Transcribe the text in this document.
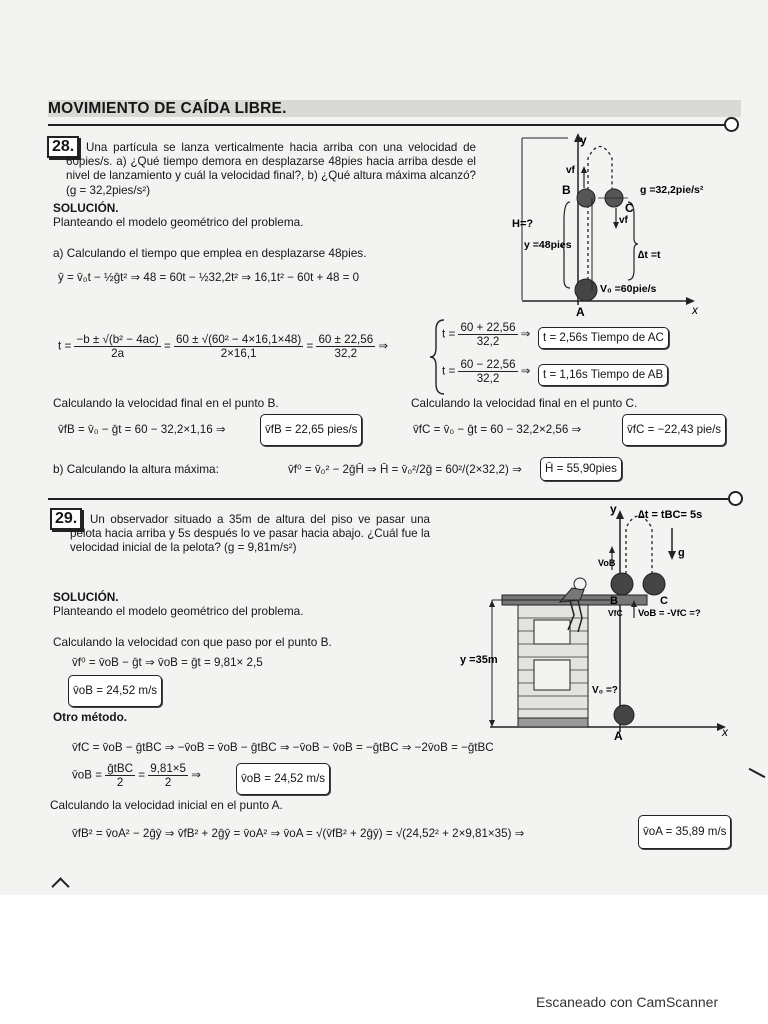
MOVIMIENTO DE CAÍDA LIBRE.
28.	Una partícula se lanza verticalmente hacia arriba con una velocidad de 60pies/s. a) ¿Qué tiempo demora en desplazarse 48pies hacia arriba desde el nivel de lanzamiento y cuál la velocidad final?, b) ¿Qué altura máxima alcanzó? (g = 32,2pies/s²)
SOLUCIÓN.
Planteando el modelo geométrico del problema.
a) Calculando el tiempo que emplea en desplazarse 48pies.
ȳ = v̄₀t − ½ḡt² ⇒ 48 = 60t − ½32,2t² ⇒ 16,1t² − 60t + 48 = 0
$t = \frac{\text{−b ± √(b² − 4ac)}}{2a} = \frac{\text{60 ± √(60² − 4×16,1×48)}}{2\times 16,1} = \frac{60 \pm 22,56}{32,2}$ ⇒
$t = \frac{60 + 22,56}{32,2}$ ⇒	t = 2,56s Tiempo de AC
$t = \frac{60 - 22,56}{32,2}$ ⇒	t = 1,16s Tiempo de AB
Calculando la velocidad final en el punto B.
v̄fB = v̄₀ − ḡt = 60 − 32,2×1,16 ⇒	v̄fB = 22,65 pies/s
Calculando la velocidad final en el punto C.
v̄fC = v̄₀ − ḡt = 60 − 32,2×2,56 ⇒	v̄fC = −22,43 pie/s
b) Calculando la altura máxima:	v̄f⁰ = v̄₀² − 2ḡH̄ ⇒ H̄ = v̄₀²/2ḡ = 60²/(2×32,2) ⇒	H̄ = 55,90pies
y
x
vf
B
C
g =32,2pie/s²
vf
H=?
y =48pies
∆t =t
V₀ =60pie/s
A
29.	Un observador situado a 35m de altura del piso ve pasar una pelota hacia arriba y 5s después lo ve pasar hacia abajo. ¿Cuál fue la velocidad inicial de la pelota? (g = 9,81m/s²)
SOLUCIÓN.
Planteando el modelo geométrico del problema.
Calculando la velocidad con que paso por el punto B.
v̄f⁰ = v̄oB − ḡt ⇒ v̄oB = ḡt = 9,81× 2,5
v̄oB = 24,52 m/s
Otro método.
v̄fC = v̄oB − ḡtBC ⇒ −v̄oB = v̄oB − ḡtBC ⇒ −v̄oB − v̄oB = −ḡtBC ⇒ −2v̄oB = −ḡtBC
v̄oB = $\frac{\text{ḡtBC}}{2} = \frac{9,81\times 5}{2}$ ⇒	v̄oB = 24,52 m/s
Calculando la velocidad inicial en el punto A.
v̄fB² = v̄oA² − 2ḡȳ ⇒ v̄fB² + 2ḡȳ = v̄oA² ⇒ v̄oA = √(v̄fB² + 2ḡȳ) = √(24,52² + 2×9,81×35) ⇒	v̄oA = 35,89 m/s
y ∆t = tBC= 5s
VoB
g
B	C
VfC VoB = -VfC =?
y =35m
V₀ =?
A	x
Escaneado con CamScanner
